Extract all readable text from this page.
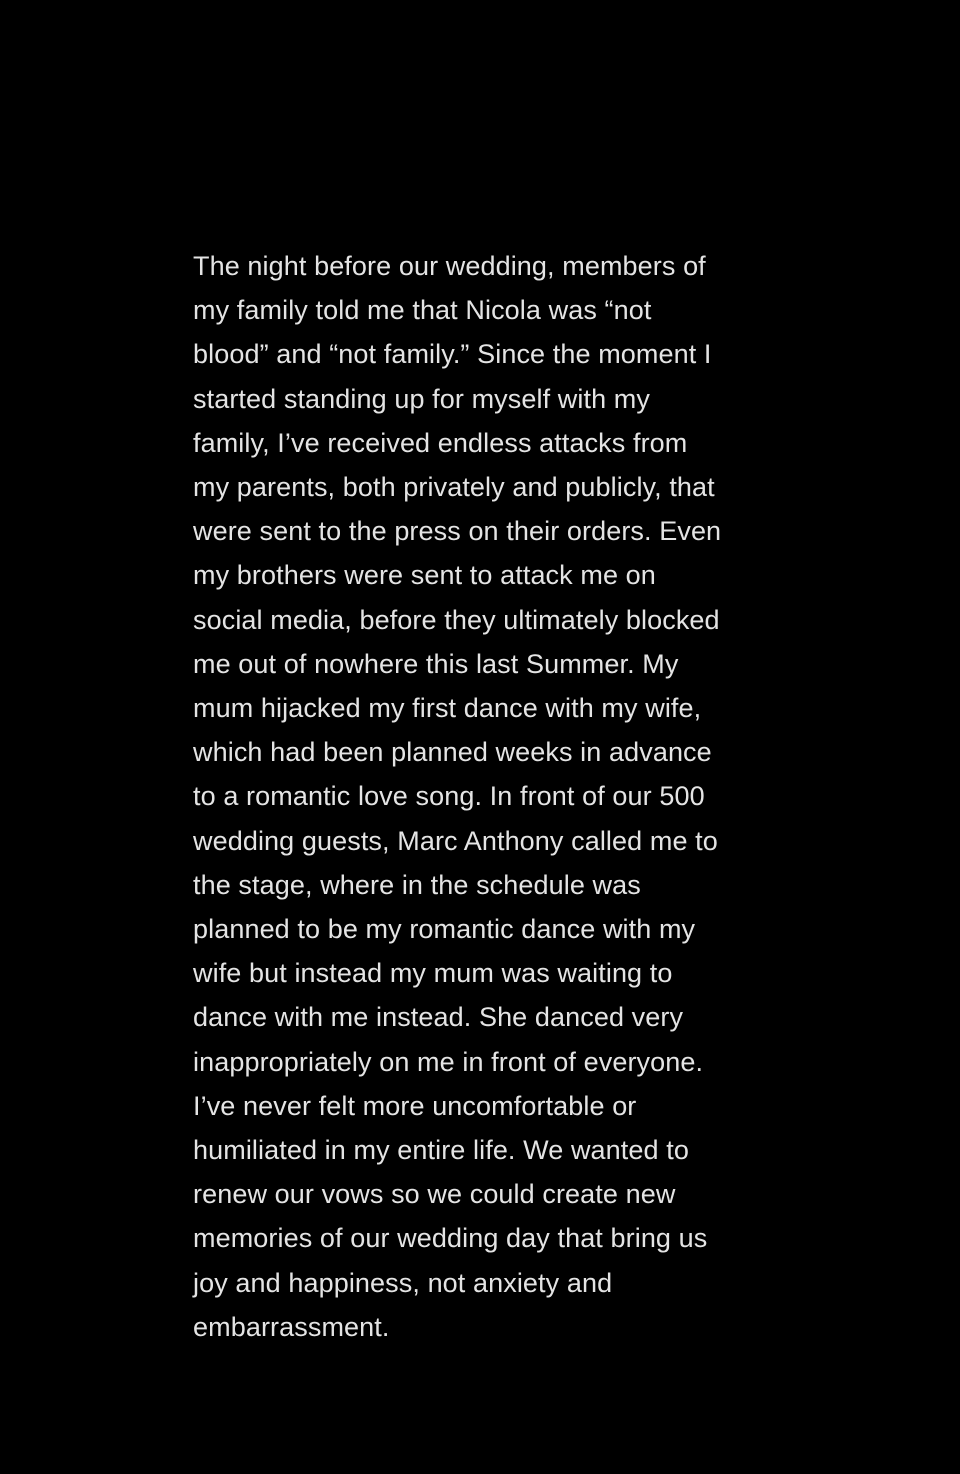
The night before our wedding, members of
my family told me that Nicola was “not
blood” and “not family.” Since the moment I
started standing up for myself with my
family, I’ve received endless attacks from
my parents, both privately and publicly, that
were sent to the press on their orders. Even
my brothers were sent to attack me on
social media, before they ultimately blocked
me out of nowhere this last Summer. My
mum hijacked my first dance with my wife,
which had been planned weeks in advance
to a romantic love song. In front of our 500
wedding guests, Marc Anthony called me to
the stage, where in the schedule was
planned to be my romantic dance with my
wife but instead my mum was waiting to
dance with me instead. She danced very
inappropriately on me in front of everyone.
I’ve never felt more uncomfortable or
humiliated in my entire life. We wanted to
renew our vows so we could create new
memories of our wedding day that bring us
joy and happiness, not anxiety and
embarrassment.
